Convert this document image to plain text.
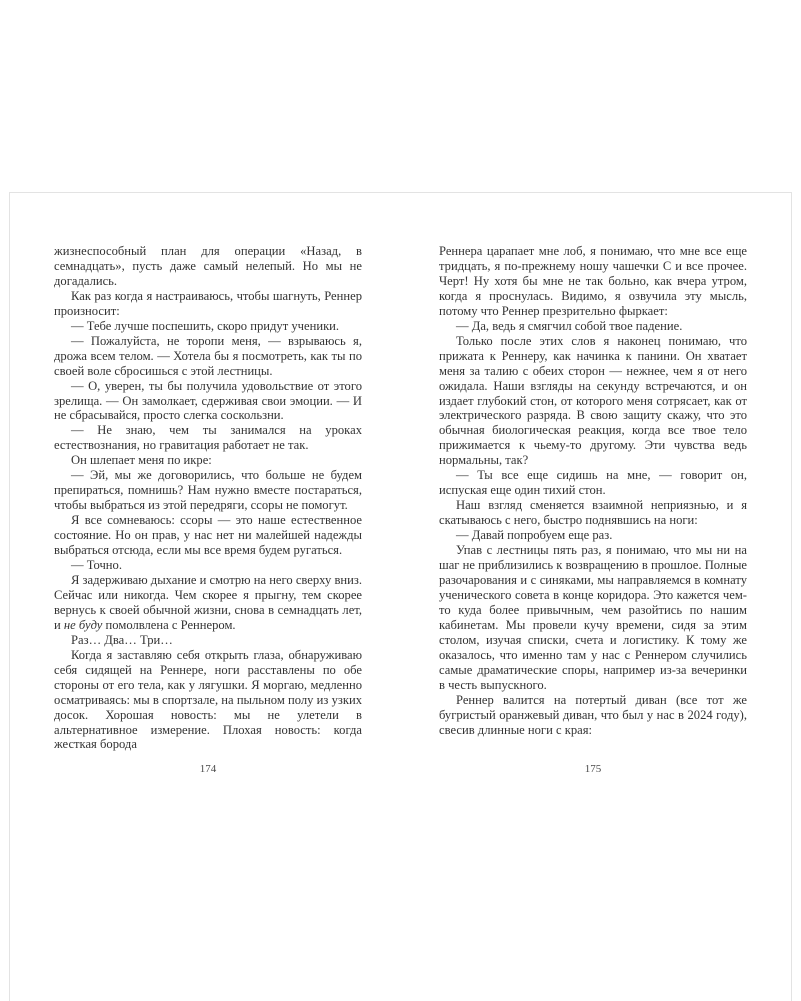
жизнеспособный план для операции «Назад, в семнадцать», пусть даже самый нелепый. Но мы не догадались.

Как раз когда я настраиваюсь, чтобы шагнуть, Реннер произносит:

— Тебе лучше поспешить, скоро придут ученики.

— Пожалуйста, не торопи меня, — взрываюсь я, дрожа всем телом. — Хотела бы я посмотреть, как ты по своей воле сбросишься с этой лестницы.

— О, уверен, ты бы получила удовольствие от этого зрелища. — Он замолкает, сдерживая свои эмоции. — И не сбрасывайся, просто слегка соскользни.

— Не знаю, чем ты занимался на уроках естествознания, но гравитация работает не так.

Он шлепает меня по икре:

— Эй, мы же договорились, что больше не будем препираться, помнишь? Нам нужно вместе постараться, чтобы выбраться из этой передряги, ссоры не помогут.

Я все сомневаюсь: ссоры — это наше естественное состояние. Но он прав, у нас нет ни малейшей надежды выбраться отсюда, если мы все время будем ругаться.

— Точно.

Я задерживаю дыхание и смотрю на него сверху вниз. Сейчас или никогда. Чем скорее я прыгну, тем скорее вернусь к своей обычной жизни, снова в семнадцать лет, и не буду помолвлена с Реннером.

Раз… Два… Три…

Когда я заставляю себя открыть глаза, обнаруживаю себя сидящей на Реннере, ноги расставлены по обе стороны от его тела, как у лягушки. Я моргаю, медленно осматриваясь: мы в спортзале, на пыльном полу из узких досок. Хорошая новость: мы не улетели в альтернативное измерение. Плохая новость: когда жесткая борода

Реннера царапает мне лоб, я понимаю, что мне все еще тридцать, я по-прежнему ношу чашечки С и все прочее. Черт! Ну хотя бы мне не так больно, как вчера утром, когда я проснулась. Видимо, я озвучила эту мысль, потому что Реннер презрительно фыркает:

— Да, ведь я смягчил собой твое падение.

Только после этих слов я наконец понимаю, что прижата к Реннеру, как начинка к панини. Он хватает меня за талию с обеих сторон — нежнее, чем я от него ожидала. Наши взгляды на секунду встречаются, и он издает глубокий стон, от которого меня сотрясает, как от электрического разряда. В свою защиту скажу, что это обычная биологическая реакция, когда все твое тело прижимается к чьему-то другому. Эти чувства ведь нормальны, так?

— Ты все еще сидишь на мне, — говорит он, испуская еще один тихий стон.

Наш взгляд сменяется взаимной неприязнью, и я скатываюсь с него, быстро поднявшись на ноги:

— Давай попробуем еще раз.

Упав с лестницы пять раз, я понимаю, что мы ни на шаг не приблизились к возвращению в прошлое. Полные разочарования и с синяками, мы направляемся в комнату ученического совета в конце коридора. Это кажется чем-то куда более привычным, чем разойтись по нашим кабинетам. Мы провели кучу времени, сидя за этим столом, изучая списки, счета и логистику. К тому же оказалось, что именно там у нас с Реннером случились самые драматические споры, например из-за вечеринки в честь выпускного.

Реннер валится на потертый диван (все тот же бугристый оранжевый диван, что был у нас в 2024 году), свесив длинные ноги с края:

174	175
